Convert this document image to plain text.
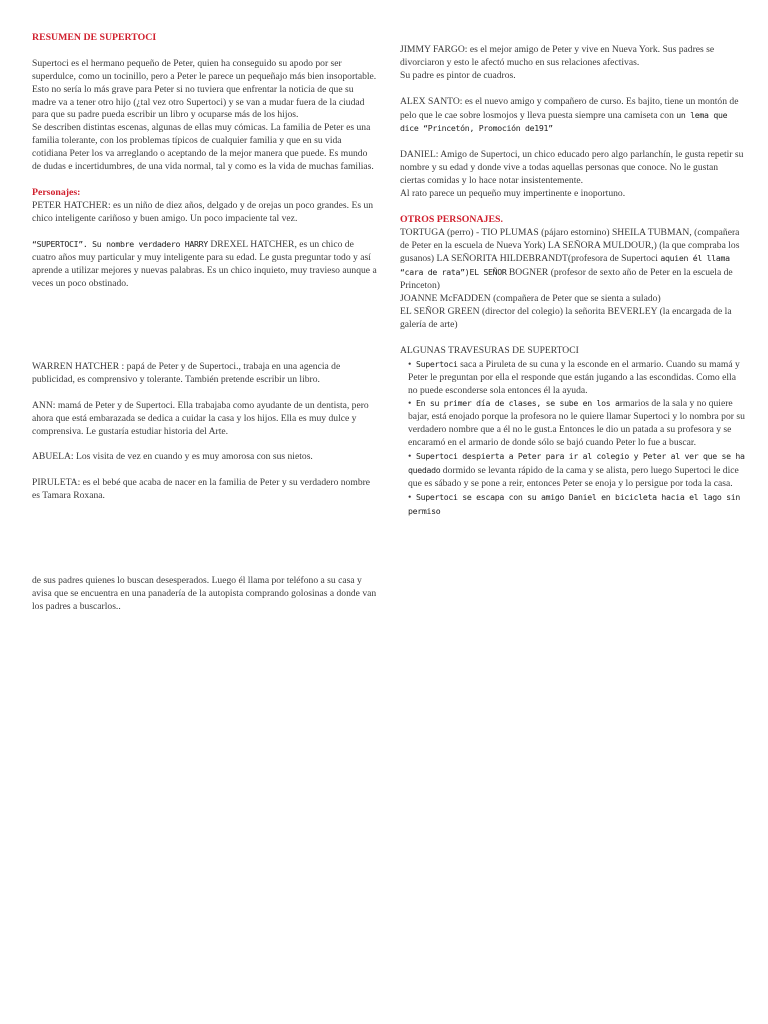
RESUMEN DE SUPERTOCI

Supertoci es el hermano pequeño de Peter, quien ha conseguido su apodo por ser superdulce, como un tocinillo, pero a Peter le parece un pequeñajo más bien insoportable. Esto no sería lo más grave para Peter si no tuviera que enfrentar la noticia de que su madre va a tener otro hijo (¿tal vez otro Supertoci) y se van a mudar fuera de la ciudad para que su padre pueda escribir un libro y ocuparse más de los hijos.

Se describen distintas escenas, algunas de ellas muy cómicas. La familia de Peter es una familia tolerante, con los problemas típicos de cualquier familia y que en su vida cotidiana Peter los va arreglando o aceptando de la mejor manera que puede. Es mundo de dudas e incertidumbres, de una vida normal, tal y como es la vida de muchas familias.

Personajes:

PETER HATCHER: es un niño de diez años, delgado y de orejas un poco grandes. Es un chico inteligente cariñoso y buen amigo. Un poco impaciente tal vez.

“SUPERTOCI”. Su nombre verdadero HARRY DREXEL HATCHER, es un chico de cuatro años muy particular y muy inteligente para su edad. Le gusta preguntar todo y así aprende a utilizar mejores y nuevas palabras. Es un chico inquieto, muy travieso aunque a veces un poco obstinado.

WARREN HATCHER : papá de Peter y de Supertoci., trabaja en una agencia de publicidad, es comprensivo y tolerante. También pretende escribir un libro.

ANN: mamá de Peter y de Supertoci. Ella trabajaba como ayudante de un dentista, pero ahora que está embarazada se dedica a cuidar la casa y los hijos. Ella es muy dulce y comprensiva. Le gustaría estudiar historia del Arte.

ABUELA: Los visita de vez en cuando y es muy amorosa con sus nietos.

PIRULETA: es el bebé que acaba de nacer en la familia de Peter y su verdadero nombre es Tamara Roxana.

de sus padres quienes lo buscan desesperados. Luego él llama por teléfono a su casa y avisa que se encuentra en una panadería de la autopista comprando golosinas a donde van los padres a buscarlos..

JIMMY FARGO: es el mejor amigo de Peter y vive en Nueva York. Sus padres se divorciaron y esto le afectó mucho en sus relaciones afectivas.

Su padre es pintor de cuadros.

ALEX SANTO: es el nuevo amigo y compañero de curso. Es bajito, tiene un montón de pelo que le cae sobre losmojos y lleva puesta siempre una camiseta con un lema que dice “Princetón, Promoción de191”

DANIEL: Amigo de Supertoci, un chico educado pero algo parlanchín, le gusta repetir su nombre y su edad y donde vive a todas aquellas personas que conoce. No le gustan ciertas comidas y lo hace notar insistentemente.

Al rato parece un pequeño muy impertinente e inoportuno.

OTROS PERSONAJES.

TORTUGA (perro) - TIO PLUMAS (pájaro estornino) SHEILA TUBMAN, (compañera de Peter en la escuela de Nueva York) LA SEÑORA MULDOUR,) (la que compraba los gusanos) LA SEÑORITA HILDEBRANDT(profesora de Supertoci aquien él llama “cara de rata”)EL SEÑOR BOGNER (profesor de sexto año de Peter en la escuela de Princeton)

JOANNE McFADDEN (compañera de Peter que se sienta a sulado)

EL SEÑOR GREEN (director del colegio) la señorita BEVERLEY (la encargada de la galería de arte)

ALGUNAS TRAVESURAS DE SUPERTOCI

• Supertoci saca a Piruleta de su cuna y la esconde en el armario. Cuando su mamá y Peter le preguntan por ella el responde que están jugando a las escondidas. Como ella no puede esconderse sola entonces él la ayuda.

• En su primer día de clases, se sube en los armarios de la sala y no quiere bajar, está enojado porque la profesora no le quiere llamar Supertoci y lo nombra por su verdadero nombre que a él no le gust.a Entonces le dio un patada a su profesora y se encaramó en el armario de donde sólo se bajó cuando Peter lo fue a buscar.

• Supertoci despierta a Peter para ir al colegio y Peter al ver que se ha quedado dormido se levanta rápido de la cama y se alista, pero luego Supertoci le dice que es sábado y se pone a reir, entonces Peter se enoja y lo persigue por toda la casa.

• Supertoci se escapa con su amigo Daniel en bicicleta hacia el lago sin permiso
